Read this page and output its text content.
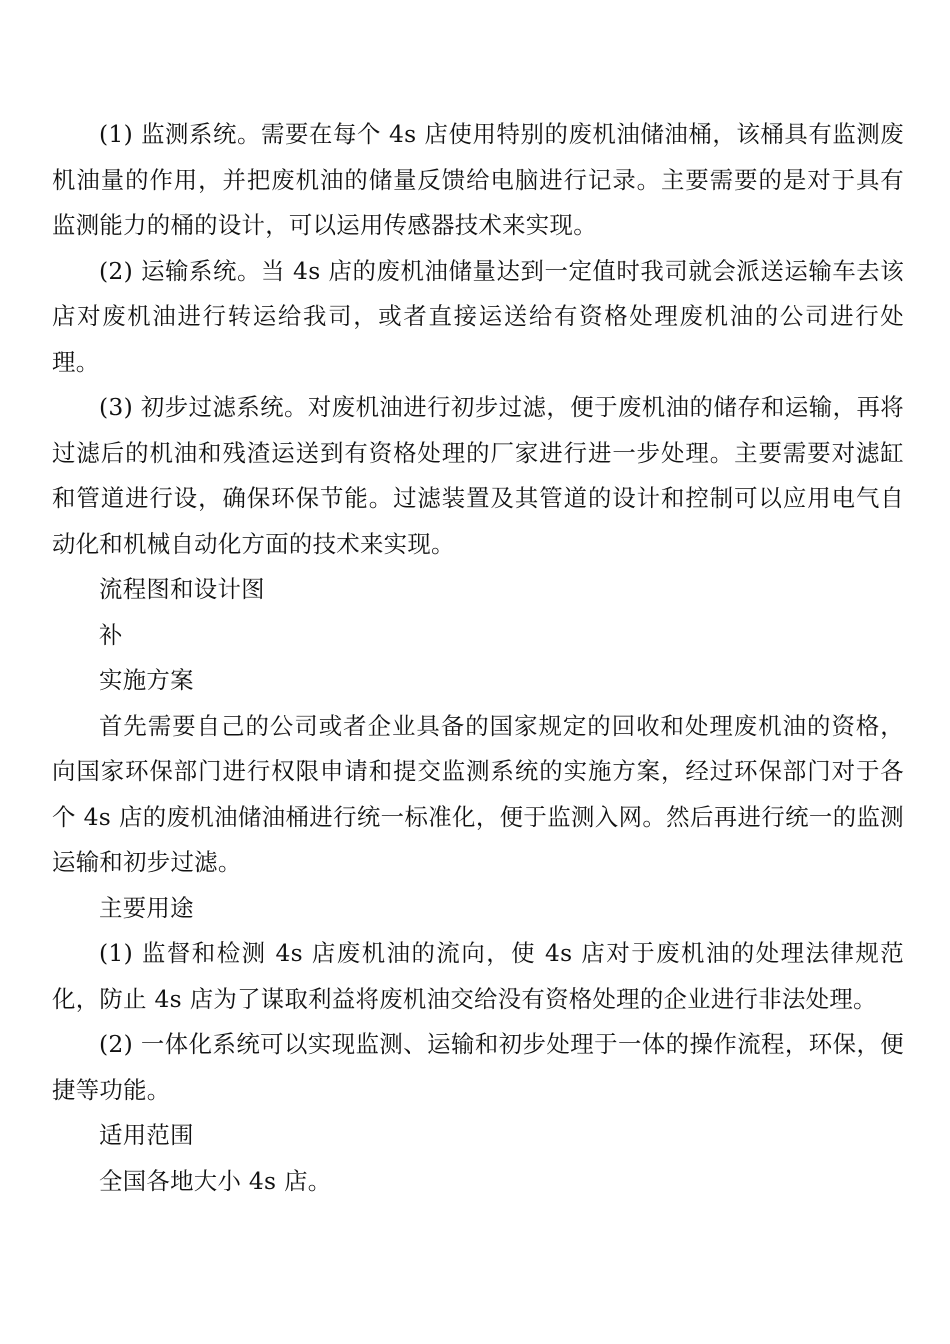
(1) 监测系统。需要在每个 4s 店使用特别的废机油储油桶，该桶具有监测废机油量的作用，并把废机油的储量反馈给电脑进行记录。主要需要的是对于具有监测能力的桶的设计，可以运用传感器技术来实现。

(2) 运输系统。当 4s 店的废机油储量达到一定值时我司就会派送运输车去该店对废机油进行转运给我司，或者直接运送给有资格处理废机油的公司进行处理。

(3) 初步过滤系统。对废机油进行初步过滤，便于废机油的储存和运输，再将过滤后的机油和残渣运送到有资格处理的厂家进行进一步处理。主要需要对滤缸和管道进行设，确保环保节能。过滤装置及其管道的设计和控制可以应用电气自动化和机械自动化方面的技术来实现。

流程图和设计图

补

实施方案

首先需要自己的公司或者企业具备的国家规定的回收和处理废机油的资格，向国家环保部门进行权限申请和提交监测系统的实施方案，经过环保部门对于各个 4s 店的废机油储油桶进行统一标准化，便于监测入网。然后再进行统一的监测运输和初步过滤。

主要用途

(1) 监督和检测 4s 店废机油的流向，使 4s 店对于废机油的处理法律规范化，防止 4s 店为了谋取利益将废机油交给没有资格处理的企业进行非法处理。

(2) 一体化系统可以实现监测、运输和初步处理于一体的操作流程，环保，便捷等功能。

适用范围

全国各地大小 4s 店。
